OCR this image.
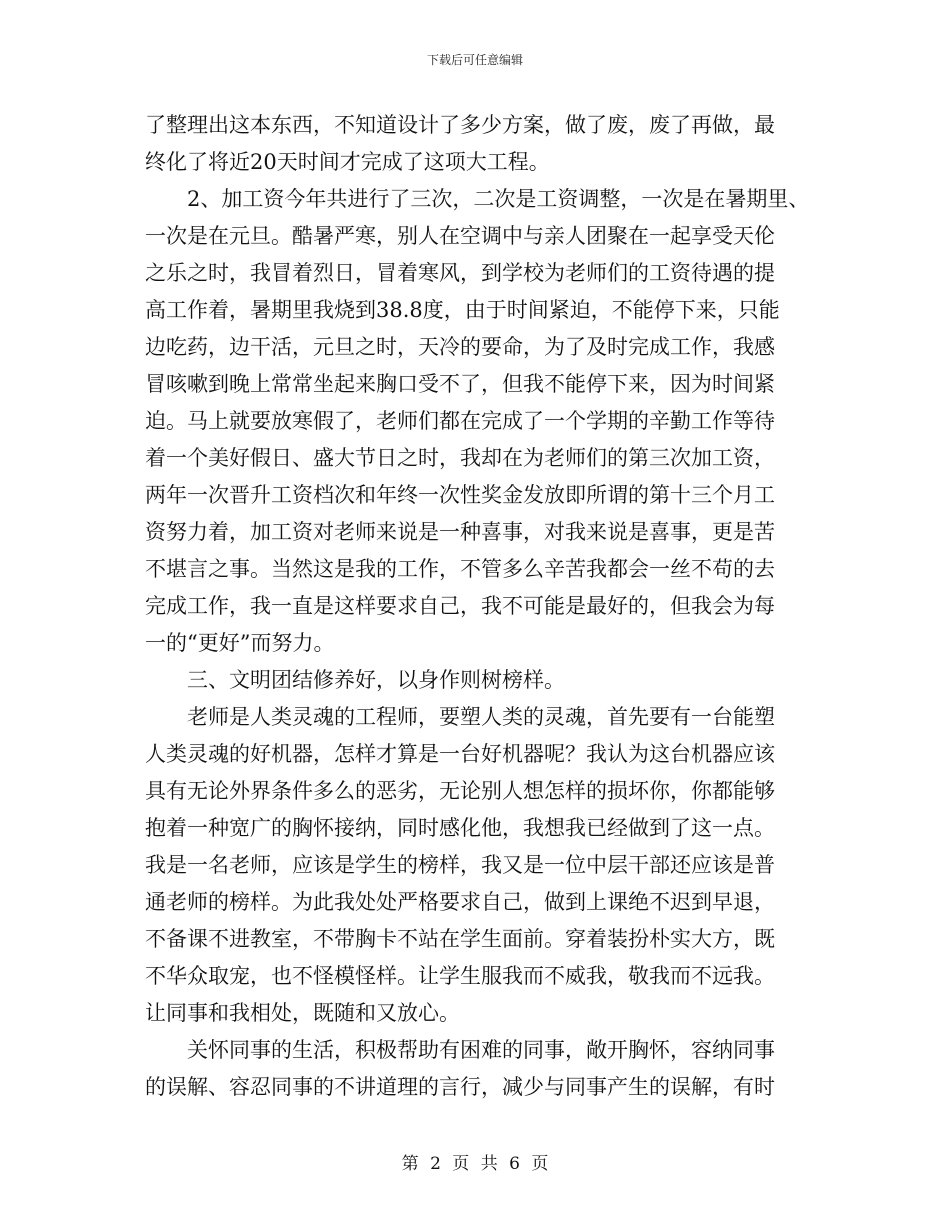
下载后可任意编辑
了整理出这本东西，不知道设计了多少方案，做了废，废了再做，最
终化了将近20天时间才完成了这项大工程。
2、加工资今年共进行了三次，二次是工资调整，一次是在暑期里、
一次是在元旦。酷暑严寒，别人在空调中与亲人团聚在一起享受天伦
之乐之时，我冒着烈日，冒着寒风，到学校为老师们的工资待遇的提
高工作着，暑期里我烧到38.8度，由于时间紧迫，不能停下来，只能
边吃药，边干活，元旦之时，天冷的要命，为了及时完成工作，我感
冒咳嗽到晚上常常坐起来胸口受不了，但我不能停下来，因为时间紧
迫。马上就要放寒假了，老师们都在完成了一个学期的辛勤工作等待
着一个美好假日、盛大节日之时，我却在为老师们的第三次加工资，
两年一次晋升工资档次和年终一次性奖金发放即所谓的第十三个月工
资努力着，加工资对老师来说是一种喜事，对我来说是喜事，更是苦
不堪言之事。当然这是我的工作，不管多么辛苦我都会一丝不苟的去
完成工作，我一直是这样要求自己，我不可能是最好的，但我会为每
一的“更好”而努力。
三、文明团结修养好，以身作则树榜样。
老师是人类灵魂的工程师，要塑人类的灵魂，首先要有一台能塑
人类灵魂的好机器，怎样才算是一台好机器呢？我认为这台机器应该
具有无论外界条件多么的恶劣，无论别人想怎样的损坏你，你都能够
抱着一种宽广的胸怀接纳，同时感化他，我想我已经做到了这一点。
我是一名老师，应该是学生的榜样，我又是一位中层干部还应该是普
通老师的榜样。为此我处处严格要求自己，做到上课绝不迟到早退，
不备课不进教室，不带胸卡不站在学生面前。穿着装扮朴实大方，既
不华众取宠，也不怪模怪样。让学生服我而不威我，敬我而不远我。
让同事和我相处，既随和又放心。
关怀同事的生活，积极帮助有困难的同事，敞开胸怀，容纳同事
的误解、容忍同事的不讲道理的言行，减少与同事产生的误解，有时
第 2 页 共 6 页
